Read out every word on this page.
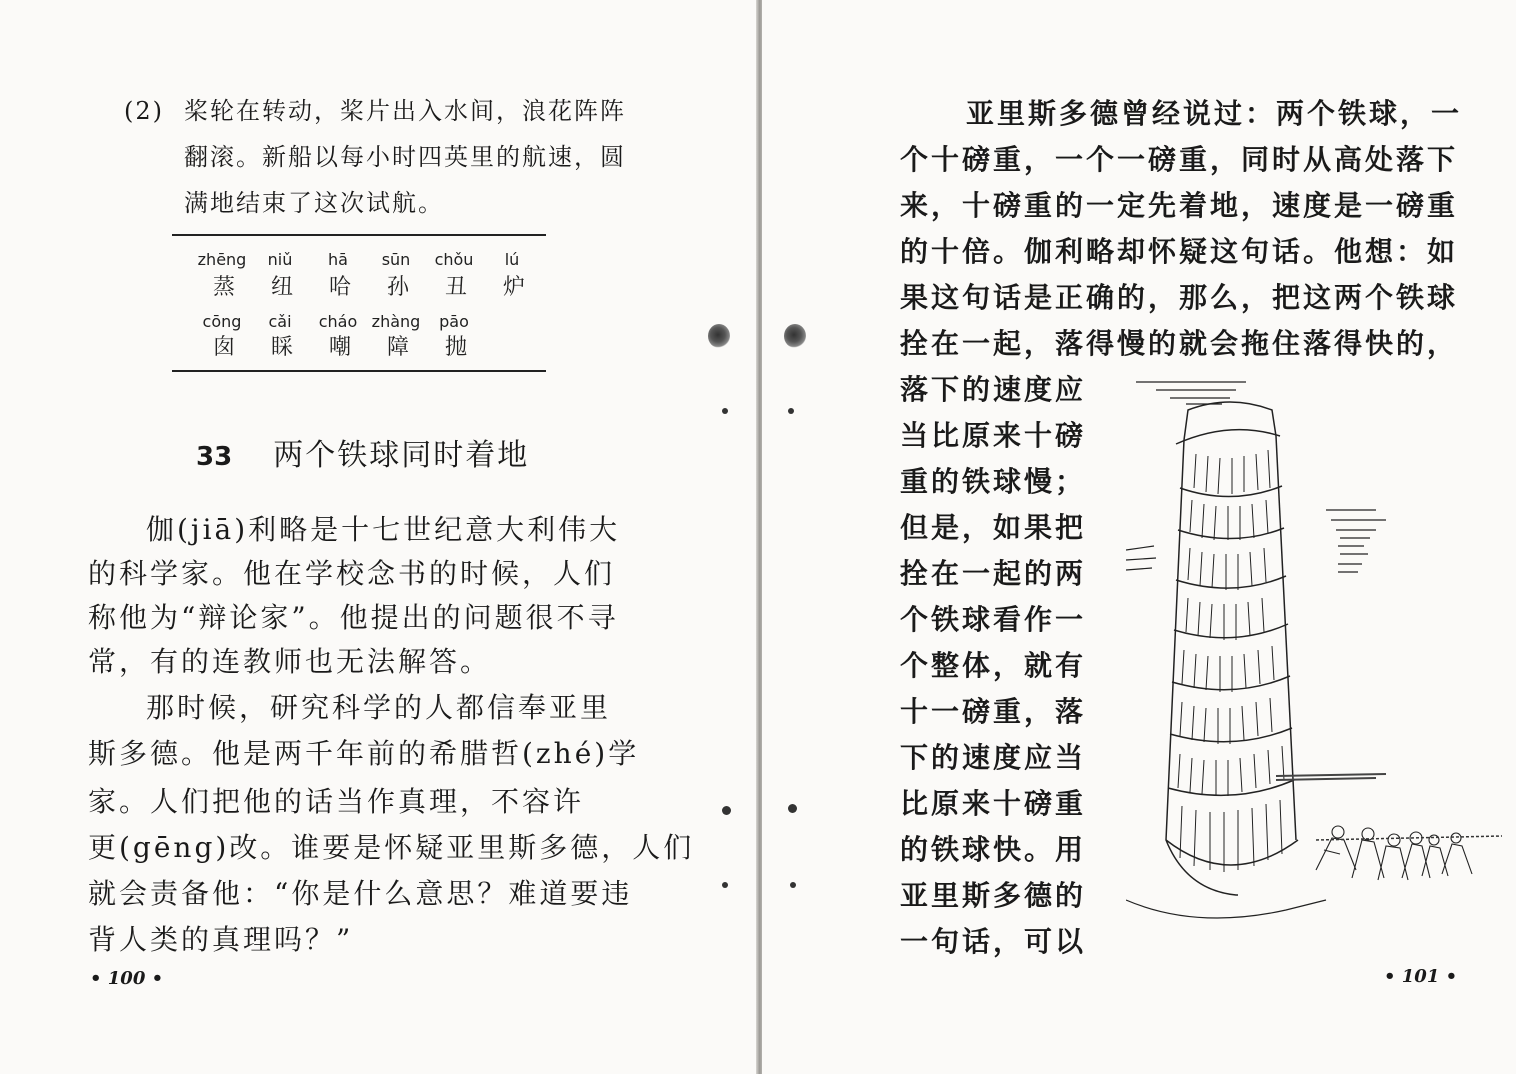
(2) 桨轮在转动，桨片出入水间，浪花阵阵
翻滚。新船以每小时四英里的航速，圆
满地结束了这次试航。
zhēng	niǔ	hā	sūn	chǒu	lú
蒸	纽	哈	孙	丑	炉
cōng	cǎi	cháo zhàng	pāo
囱	睬	嘲	障	抛
33 两个铁球同时着地
伽(jiā)利略是十七世纪意大利伟大
的科学家。他在学校念书的时候，人们
称他为“辩论家”。他提出的问题很不寻
常，有的连教师也无法解答。
那时候，研究科学的人都信奉亚里
斯多德。他是两千年前的希腊哲(zhé)学
家。人们把他的话当作真理，不容许
更(gēng)改。谁要是怀疑亚里斯多德，人们
就会责备他：“你是什么意思？难道要违
背人类的真理吗？”
• 100 •
亚里斯多德曾经说过：两个铁球，一
个十磅重，一个一磅重，同时从高处落下
来，十磅重的一定先着地，速度是一磅重
的十倍。伽利略却怀疑这句话。他想：如
果这句话是正确的，那么，把这两个铁球
拴在一起，落得慢的就会拖住落得快的，
落下的速度应
当比原来十磅
重的铁球慢；
但是，如果把
拴在一起的两
个铁球看作一
个整体，就有
十一磅重，落
下的速度应当
比原来十磅重
的铁球快。用
亚里斯多德的
一句话，可以
• 101 •
